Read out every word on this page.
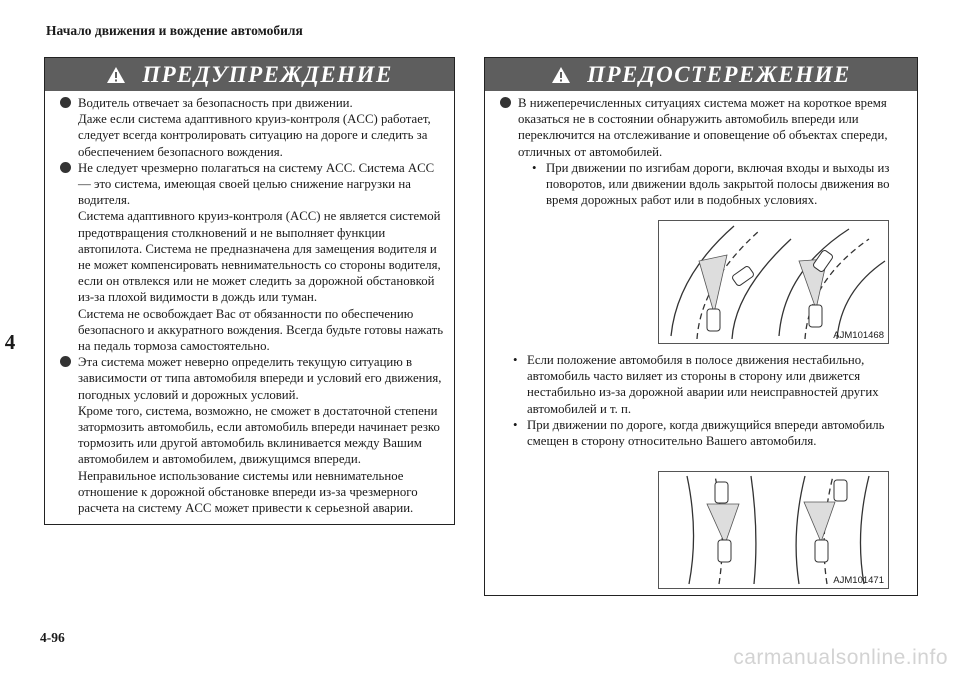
Начало движения и вождение автомобиля
4
4-96
carmanualsonline.info
ПРЕДУПРЕЖДЕНИЕ

Водитель отвечает за безопасность при движении.

Даже если система адаптивного круиз-контроля (ACC) работает, следует всегда контролировать ситуацию на дороге и следить за обеспечением безопасного вождения.

Не следует чрезмерно полагаться на систему ACC. Система ACC — это система, имеющая своей целью снижение нагрузки на водителя.

Система адаптивного круиз-контроля (ACC) не является системой предотвращения столкновений и не выполняет функции автопилота. Система не предназначена для замещения водителя и не может компенсировать невнимательность со стороны водителя, если он отвлекся или не может следить за дорожной обстановкой из-за плохой видимости в дождь или туман.

Система не освобождает Вас от обязанности по обеспечению безопасного и аккуратного вождения. Всегда будьте готовы нажать на педаль тормоза самостоятельно.

Эта система может неверно определить текущую ситуацию в зависимости от типа автомобиля впереди и условий его движения, погодных условий и дорожных условий.

Кроме того, система, возможно, не сможет в достаточной степени затормозить автомобиль, если автомобиль впереди начинает резко тормозить или другой автомобиль вклинивается между Вашим автомобилем и автомобилем, движущимся впереди.

Неправильное использование системы или невнимательное отношение к дорожной обстановке впереди из-за чрезмерного расчета на систему ACC может привести к серьезной аварии.

ПРЕДОСТЕРЕЖЕНИЕ

В нижеперечисленных ситуациях система может на короткое время оказаться не в состоянии обнаружить автомобиль впереди или переключится на отслеживание и оповещение об объектах спереди, отличных от автомобилей.

• При движении по изгибам дороги, включая входы и выходы из поворотов, или движении вдоль закрытой полосы движения во время дорожных работ или в подобных условиях.
• Если положение автомобиля в полосе движения нестабильно, автомобиль часто виляет из стороны в сторону или движется нестабильно из-за дорожной аварии или неисправностей других автомобилей и т. п.
• При движении по дороге, когда движущийся впереди автомобиль смещен в сторону относительно Вашего автомобиля.
AJM101468
AJM101471
